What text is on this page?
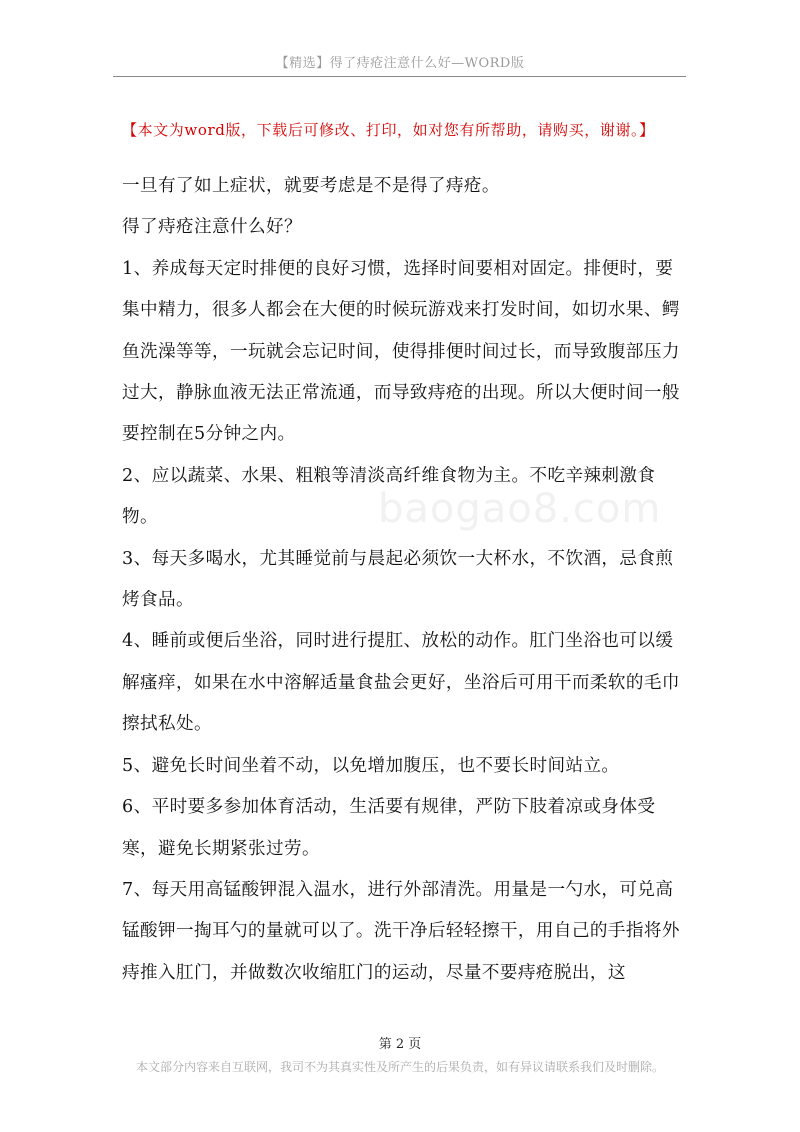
【精选】得了痔疮注意什么好—WORD版
【本文为word版，下载后可修改、打印，如对您有所帮助，请购买，谢谢。】
baogao8.com

一旦有了如上症状，就要考虑是不是得了痔疮。

得了痔疮注意什么好？

1、养成每天定时排便的良好习惯，选择时间要相对固定。排便时，要集中精力，很多人都会在大便的时候玩游戏来打发时间，如切水果、鳄鱼洗澡等等，一玩就会忘记时间，使得排便时间过长，而导致腹部压力过大，静脉血液无法正常流通，而导致痔疮的出现。所以大便时间一般要控制在5分钟之内。

2、应以蔬菜、水果、粗粮等清淡高纤维食物为主。不吃辛辣刺激食物。

3、每天多喝水，尤其睡觉前与晨起必须饮一大杯水，不饮酒，忌食煎烤食品。

4、睡前或便后坐浴，同时进行提肛、放松的动作。肛门坐浴也可以缓解瘙痒，如果在水中溶解适量食盐会更好，坐浴后可用干而柔软的毛巾擦拭私处。

5、避免长时间坐着不动，以免增加腹压，也不要长时间站立。

6、平时要多参加体育活动，生活要有规律，严防下肢着凉或身体受寒，避免长期紧张过劳。

7、每天用高锰酸钾混入温水，进行外部清洗。用量是一勺水，可兑高锰酸钾一掏耳勺的量就可以了。洗干净后轻轻擦干，用自己的手指将外痔推入肛门，并做数次收缩肛门的运动，尽量不要痔疮脱出，这

第 2 页
本文部分内容来自互联网，我司不为其真实性及所产生的后果负责，如有异议请联系我们及时删除。
